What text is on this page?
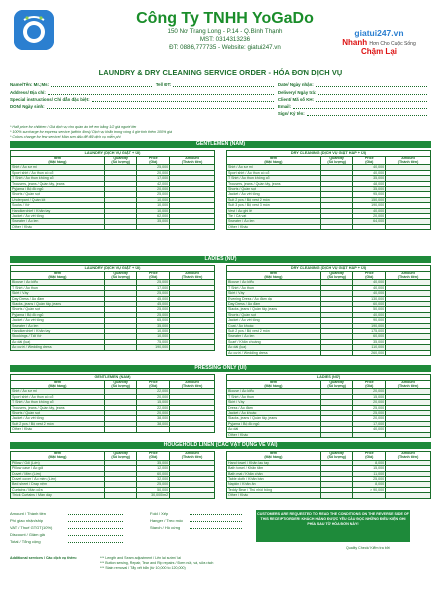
Công Ty TNHH YoGaDo
150 Nơ Trang Long - P.14 - Q.Bình Thạnh
MST: 0314313236
ĐT: 0886,777735 - Website: giatui247.vn
giatui247.vn
Nhanh Hơn Cho Cuộc Sống Chậm Lại
LAUNDRY & DRY CLEANING SERVICE ORDER - HÓA ĐƠN DỊCH VỤ
Name/Tên: Mr.;Ms:	Tel/ ĐT:	Date/ Ngày nhận:
Address/ Địa chỉ:	Delivery/ Ngày trả:
Special instructions/ Chỉ dẫn đặc biệt:	Client/ Mã số KH:
DON/ Ngày sinh:	Email:
Sign/ Ký tên:
* Half price for children / Giá dịch vụ cho quần áo trẻ em bằng 1/2 giá người lớn
* 100% surcharge for express service (within 4hrs)/ Dịch vụ khẩn trong vòng 4 giờ tính thêm 100% giá
* Colors change for few service/ Màn sơn dấu để đổi dịch vụ miễn phí
GENTLEMEN (NAM)
LAUNDRY (DỊCH VỤ GIẶT + ỦI)
Item
(Mặt hàng)	Quantity
(Số lượng)	Price
(Giá)	Amount
(Thành tiền)
Shirt / Áo sơ mi		25,000	
Sport shirt / Áo thun có cổ		20,000	
T Shirt / Áo thun không cổ		17,000	
Trousers, jeans / Quần tây, jeans		42,000	
Pyjama / Bộ đồ ngủ		20,000	
Shorts / Quần sọt		25,000	
Underpant / Quần lót		10,000	
Socks / Vớ		10,000	
Handkerchief / Khăn tay		10,000	
Jacket / Áo vét tông		62,000	
Sweater / Áo len		35,000	
Other / Khác			
DRY CLEANING (DỊCH VỤ GIẶT HẤP + ỦI)
Item
(Mặt hàng)	Quantity
(Số lượng)	Price
(Giá)	Amount
(Thành tiền)
Shirt / Áo sơ mi		40,000	
Sport shirt / Áo thun có cổ		40,000	
T Shirt / Áo thun không cổ		35,000	
Trousers, jeans / Quần tây, jeans		48,000	
Shorts / Quần sọt		35,000	
Jacket / Áo vét tông		95,000	
Suit 2 pcs / Bộ vest 2 món		150,000	
Suit 3 pcs / Bộ vest 3 món		190,000	
Vest / Áo ghi lê		40,000	
Tie / Cà vạt		20,000	
Sweater / Áo len		64,000	
Other / Khác			
LADIES (NỮ)
LAUNDRY (DỊCH VỤ GIẶT + ỦI)
Item
(Mặt hàng)	Quantity
(Số lượng)	Price
(Giá)	Amount
(Thành tiền)
Blouse / Áo kiểu		25,000	
T Shirt / Áo thun		17,000	
Skirt / Váy		25,000	
Day Dress / Áo đầm		45,000	
Slacks, jeans / Quần tây, jeans		45,000	
Shorts / Quần sọt		25,000	
Pyjama / Bộ đồ ngủ		25,000	
Jacket / Áo vét tông		65,000	
Sweater / Áo len		35,000	
Handkerchief / Khăn tay		10,000	
Stockings / Tất Vớ		10,000	
Áo dài (lụa)		75,000	
Áo cưới / Wedding dress		190,000	
DRY CLEANING (DỊCH VỤ GIẶT HẤP + ỦI)
Item
(Mặt hàng)	Quantity
(Số lượng)	Price
(Giá)	Amount
(Thành tiền)
Blouse / Áo kiểu		40,000	
T Shirt / Áo thun		40,000	
Skirt / Váy		40,000	
Evening Dress / Áo đầm dạ		130,000	
Day Dress / Áo đầm		60,000	
Slacks, jeans / Quần tây, jeans		50,000	
Shorts / Quần sọt		40,000	
Jacket / Áo vét tông		90,000	
Coat / Áo khoác		190,000	
Suit 2 pcs / Bộ vest 2 món		175,000	
Sweater / Áo len		60,000	
Scarf / Khăn choàng		35,000	
Áo dài (lụa)		110,000	
Áo cưới / Wedding dress		260,000	
PRESSING ONLY (ỦI)
GENTLEMEN (NAM)
Item
(Mặt hàng)	Quantity
(Số lượng)	Price
(Giá)	Amount
(Thành tiền)
Shirt / Áo sơ mi		22,000	
Sport shirt / Áo thun có cổ		20,000	
T Shirt / Áo thun không cổ		15,000	
Trousers, jeans / Quần tây, jeans		22,000	
Shorts / Quần sọt		20,000	
Jacket / Áo vét tông		38,000	
Suit 2 pcs / Bộ vest 2 món		38,000	
Other / Khác			
LADIES (NỮ)
Item
(Mặt hàng)	Quantity
(Số lượng)	Price
(Giá)	Amount
(Thành tiền)
Blouse / Áo kiểu		20,000	
T Shirt / Áo thun		15,000	
Skirt / Váy		20,000	
Dress / Áo đầm		25,000	
Jacket / Áo khoác		25,000	
Slacks, jeans / Quần tây, jeans		20,000	
Pyjama / Bộ đồ ngủ		17,000	
Áo dài		40,000	
Other / Khác			
HOUGEHOLD LINEN (CÁC VẬT DỤNG VỀ VẢI)
Item
(Mặt hàng)	Quantity
(Số lượng)	Price
(Giá)	Amount
(Thành tiền)
Pillow / Gối (Lớn)		35,000	
Pillow case / Áo gối		12,000	
Duvet / Mền (Lớn)		60,000	
Duvet cover / Áo mền (Lớn)		32,000	
Bed sheet / Drap nệm		25,000	
Curtains / Màn cửa		50,000	
Thick Curtains / Màn dày		30,000/m2	
Item
(Mặt hàng)	Quantity
(Số lượng)	Price
(Giá)	Amount
(Thành tiền)
Hand towel / Khăn lau tay		8,000	
Bath towel / Khăn tắm		15,000	
Bath mat / Khăn chân		11,000	
Table cloth / Khăn bàn		25,000	
Napkin / Khăn ăn		8,000	
Teddy Bear / Thú nhồi bông		> 90,000	
Other / Khác			
Amount / Thành tiền
Phí giao nhận/ship
VAT / Thuế GTGT(10%)
Discount / Giảm giá
Total / Tổng cộng
Fold / Xếp
Hanger / Treo móc
Starch / Hồ cứng
CUSTOMERS ARE REQUESTED TO READ THE CONDITIONS ON THE REVERSE SIDE OF THIS RECEIPT/ORDER! KHÁCH HÀNG ĐƯỢC YÊU CẦU ĐỌC NHỮNG ĐIỀU KIỆN GHI PHÍA SAU TỜ HÓA ĐƠN NÀY!
Quality Check/ Kiểm tra bởi
Additional services / Các dịch vụ thêm:	*** Length and Seam adjustment / Lên lai sườn/ lai
*** Button sewing, Repair, Tear and Rip repairs / Đơm nút, vá, sửa rách
*** Stain removal / Tẩy vết bẩn (từ 10,000 to 120,000)
